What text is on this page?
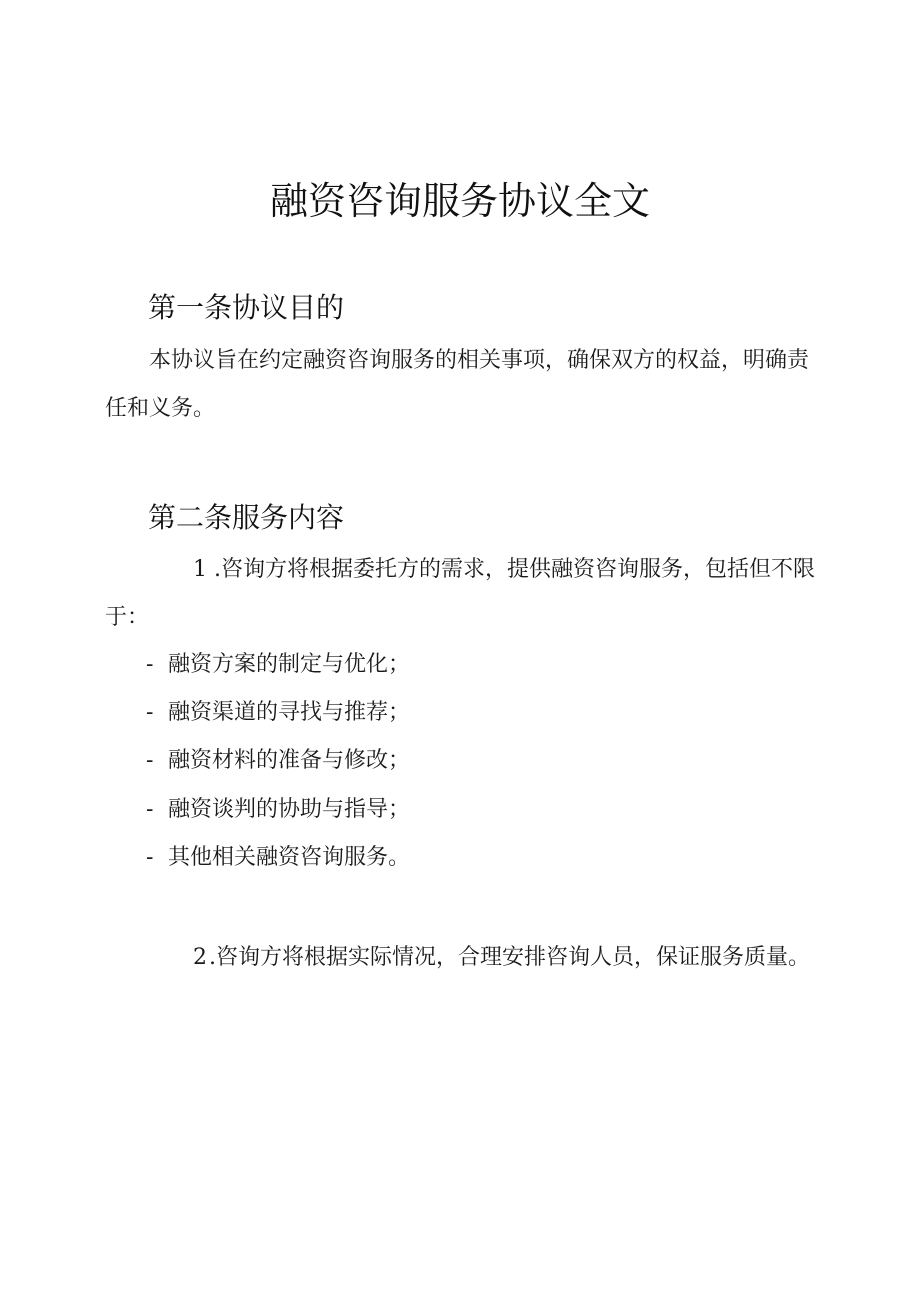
融资咨询服务协议全文
第一条协议目的

本协议旨在约定融资咨询服务的相关事项，确保双方的权益，明确责任和义务。

第二条服务内容

1 .咨询方将根据委托方的需求，提供融资咨询服务，包括但不限于：

- 融资方案的制定与优化；
- 融资渠道的寻找与推荐；
- 融资材料的准备与修改；
- 融资谈判的协助与指导；
- 其他相关融资咨询服务。

2.咨询方将根据实际情况，合理安排咨询人员，保证服务质量。
